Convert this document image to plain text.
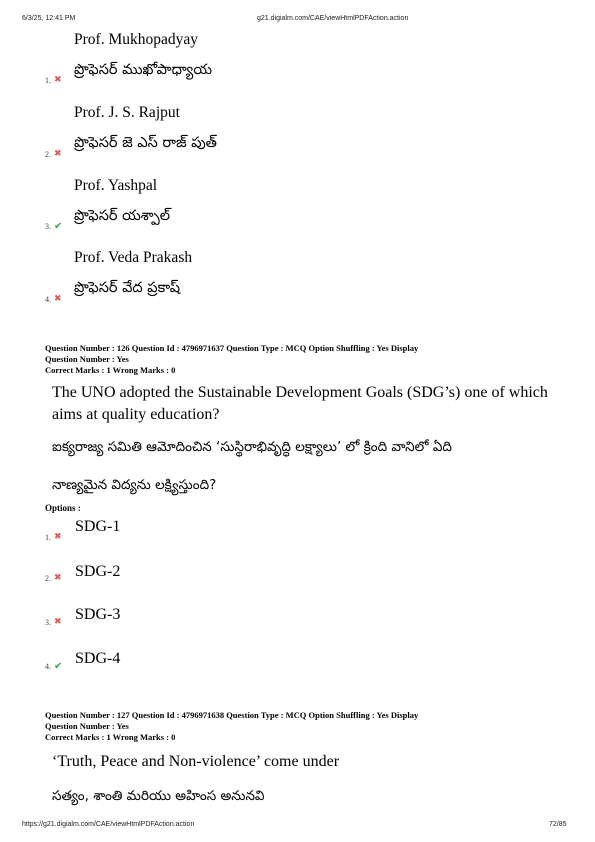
6/3/25, 12:41 PM	g21.digialm.com/CAE/viewHtmlPDFAction.action
Prof. Mukhopadyay
ప్రొఫెసర్ ముఖోపాధ్యాయ
1. ✖
Prof. J. S. Rajput
ప్రొఫెసర్ జె ఎస్ రాజ్ పుత్
2. ✖
Prof. Yashpal
ప్రొఫెసర్ యశ్పాల్
3. ✔
Prof. Veda Prakash
ప్రొఫెసర్ వేద ప్రకాష్
4. ✖
Question Number : 126 Question Id : 4796971637 Question Type : MCQ Option Shuffling : Yes Display
Question Number : Yes
Correct Marks : 1 Wrong Marks : 0
The UNO adopted the Sustainable Development Goals (SDG’s) one of which aims at quality education?
ఐక్యరాజ్య సమితి ఆమోదించిన ‘సుస్థిరాభివృద్ధి లక్ష్యాలు’ లో క్రింది వానిలో ఏది
నాణ్యమైన విద్యను లక్ష్యిస్తుంది?
Options :
SDG-1
1. ✖
SDG-2
2. ✖
SDG-3
3. ✖
SDG-4
4. ✔
Question Number : 127 Question Id : 4796971638 Question Type : MCQ Option Shuffling : Yes Display
Question Number : Yes
Correct Marks : 1 Wrong Marks : 0
‘Truth, Peace and Non-violence’ come under
సత్యం, శాంతి మరియు అహింస అనునవి
https://g21.digialm.com/CAE/viewHtmlPDFAction.action	72/85
